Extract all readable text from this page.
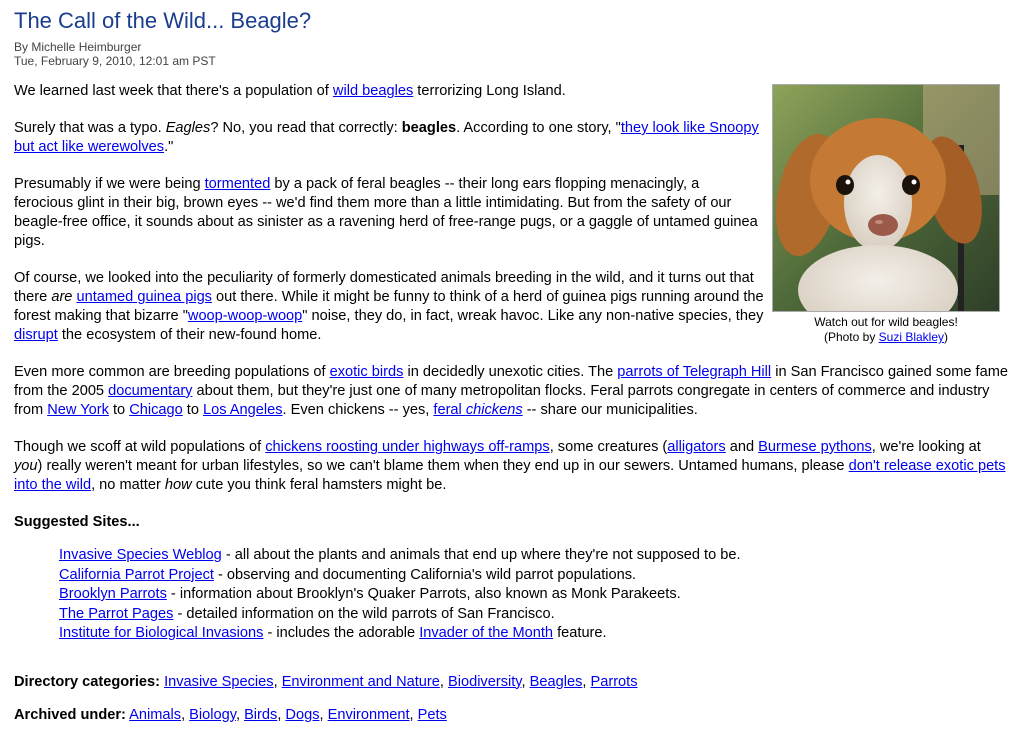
The Call of the Wild... Beagle?
By Michelle Heimburger
Tue, February 9, 2010, 12:01 am PST
Watch out for wild beagles!
(Photo by Suzi Blakley)

We learned last week that there's a population of wild beagles terrorizing Long Island.

Surely that was a typo. Eagles? No, you read that correctly: beagles. According to one story, "they look like Snoopy but act like werewolves."

Presumably if we were being tormented by a pack of feral beagles -- their long ears flopping menacingly, a ferocious glint in their big, brown eyes -- we'd find them more than a little intimidating. But from the safety of our beagle-free office, it sounds about as sinister as a ravening herd of free-range pugs, or a gaggle of untamed guinea pigs.

Of course, we looked into the peculiarity of formerly domesticated animals breeding in the wild, and it turns out that there are untamed guinea pigs out there. While it might be funny to think of a herd of guinea pigs running around the forest making that bizarre "woop-woop-woop" noise, they do, in fact, wreak havoc. Like any non-native species, they disrupt the ecosystem of their new-found home.

Even more common are breeding populations of exotic birds in decidedly unexotic cities. The parrots of Telegraph Hill in San Francisco gained some fame from the 2005 documentary about them, but they're just one of many metropolitan flocks. Feral parrots congregate in centers of commerce and industry from New York to Chicago to Los Angeles. Even chickens -- yes, feral chickens -- share our municipalities.

Though we scoff at wild populations of chickens roosting under highways off-ramps, some creatures (alligators and Burmese pythons, we're looking at you) really weren't meant for urban lifestyles, so we can't blame them when they end up in our sewers. Untamed humans, please don't release exotic pets into the wild, no matter how cute you think feral hamsters might be.

Suggested Sites...

Invasive Species Weblog - all about the plants and animals that end up where they're not supposed to be.
California Parrot Project - observing and documenting California's wild parrot populations.
Brooklyn Parrots - information about Brooklyn's Quaker Parrots, also known as Monk Parakeets.
The Parrot Pages - detailed information on the wild parrots of San Francisco.
Institute for Biological Invasions - includes the adorable Invader of the Month feature.

Directory categories: Invasive Species, Environment and Nature, Biodiversity, Beagles, Parrots

Archived under: Animals, Biology, Birds, Dogs, Environment, Pets
